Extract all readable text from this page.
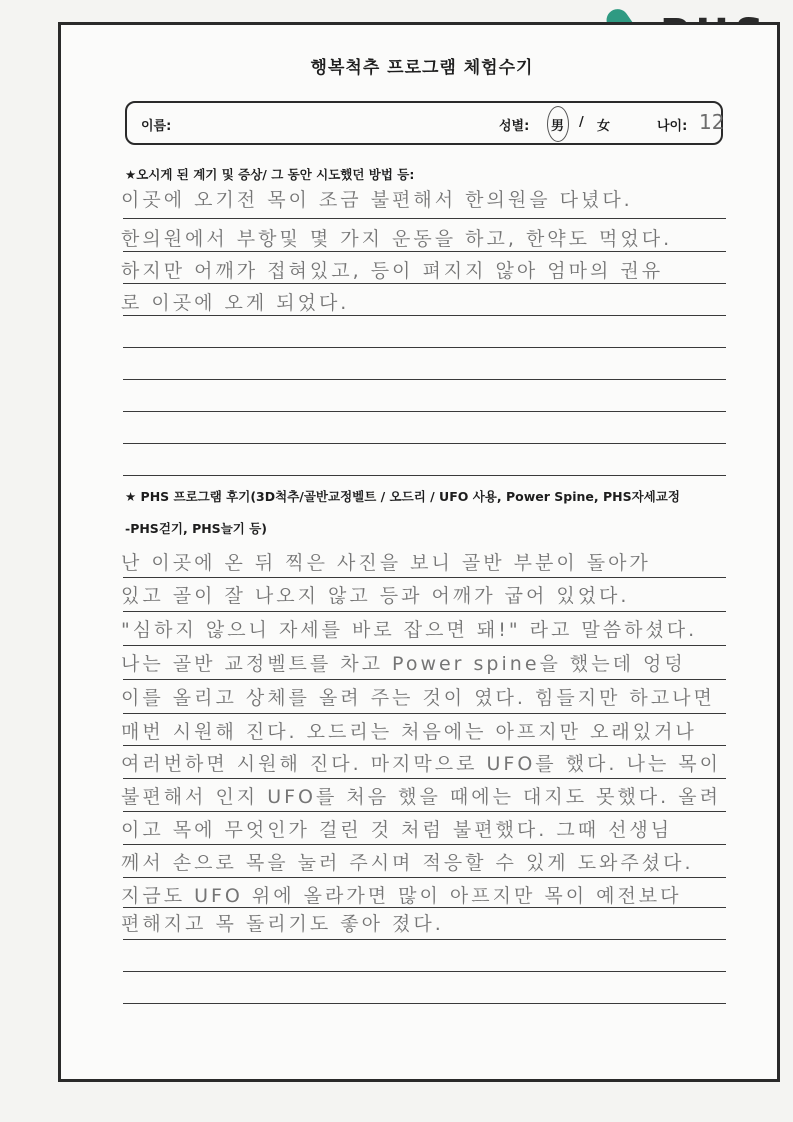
행복척추 프로그램 체험수기
이름:	성별: 男 / 女	나이: 12
★오시게 된 계기 및 증상/ 그 동안 시도했던 방법 등:
이곳에 오기전 목이 조금 불편해서 한의원을 다녔다.
한의원에서 부항및 몇 가지 운동을 하고, 한약도 먹었다.
하지만 어깨가 접혀있고, 등이 펴지지 않아 엄마의 권유
로 이곳에 오게 되었다.
★ PHS 프로그램 후기(3D척추/골반교정벨트 / 오드리 / UFO 사용, Power Spine, PHS자세교정
-PHS걷기, PHS늘기 등)
난 이곳에 온 뒤 찍은 사진을 보니 골반 부분이 돌아가
있고 골이 잘 나오지 않고 등과 어깨가 굽어 있었다.
"심하지 않으니 자세를 바로 잡으면 돼!" 라고 말씀하셨다.
나는 골반 교정벨트를 차고 Power spine을 했는데 엉덩
이를 올리고 상체를 올려 주는 것이 였다. 힘들지만 하고나면
매번 시원해 진다. 오드리는 처음에는 아프지만 오래있거나
여러번하면 시원해 진다. 마지막으로 UFO를 했다. 나는 목이
불편해서 인지 UFO를 처음 했을 때에는 대지도 못했다. 올려
이고 목에 무엇인가 걸린 것 처럼 불편했다. 그때 선생님
께서 손으로 목을 눌러 주시며 적응할 수 있게 도와주셨다.
지금도 UFO 위에 올라가면 많이 아프지만 목이 예전보다
편해지고 목 돌리기도 좋아 졌다.
